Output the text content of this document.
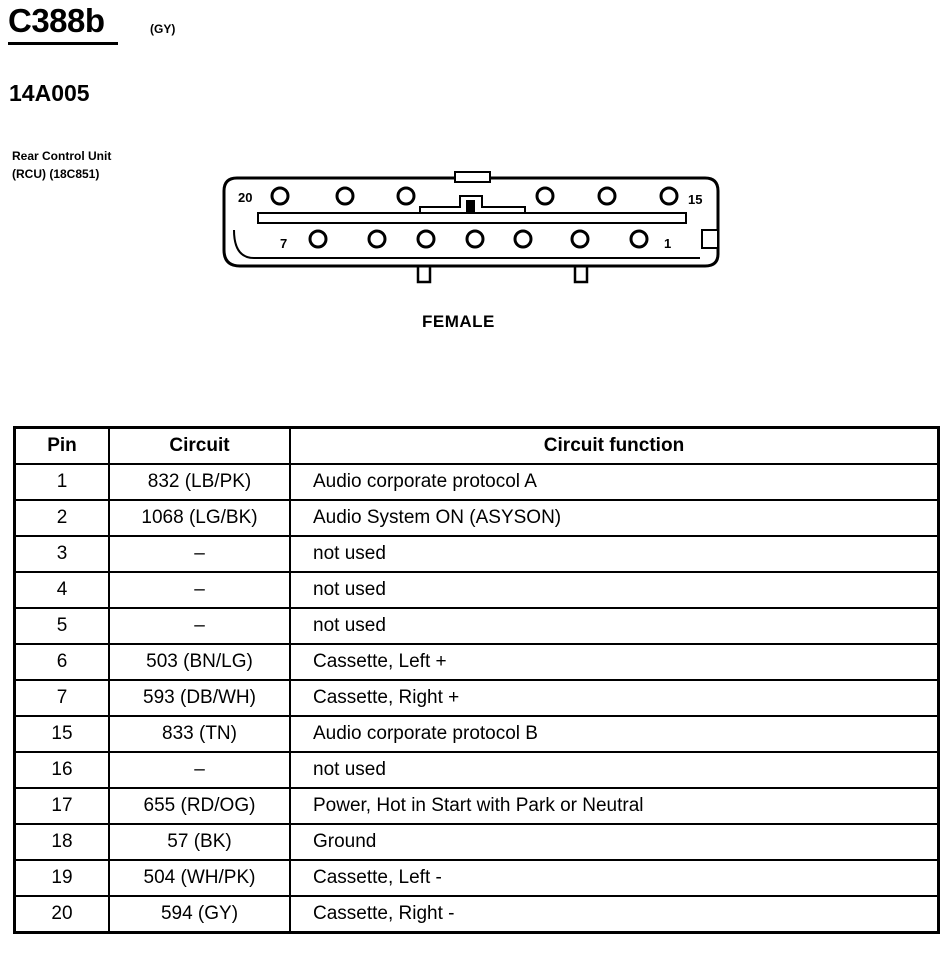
C388b	(GY)
14A005
Rear Control Unit
(RCU) (18C851)
20	15
7	1
FEMALE
Pin	Circuit	Circuit function
1	832 (LB/PK)	Audio corporate protocol A
2	1068 (LG/BK)	Audio System ON (ASYSON)
3	–	not used
4	–	not used
5	–	not used
6	503 (BN/LG)	Cassette, Left +
7	593 (DB/WH)	Cassette, Right +
15	833 (TN)	Audio corporate protocol B
16	–	not used
17	655 (RD/OG)	Power, Hot in Start with Park or Neutral
18	57 (BK)	Ground
19	504 (WH/PK)	Cassette, Left -
20	594 (GY)	Cassette, Right -
